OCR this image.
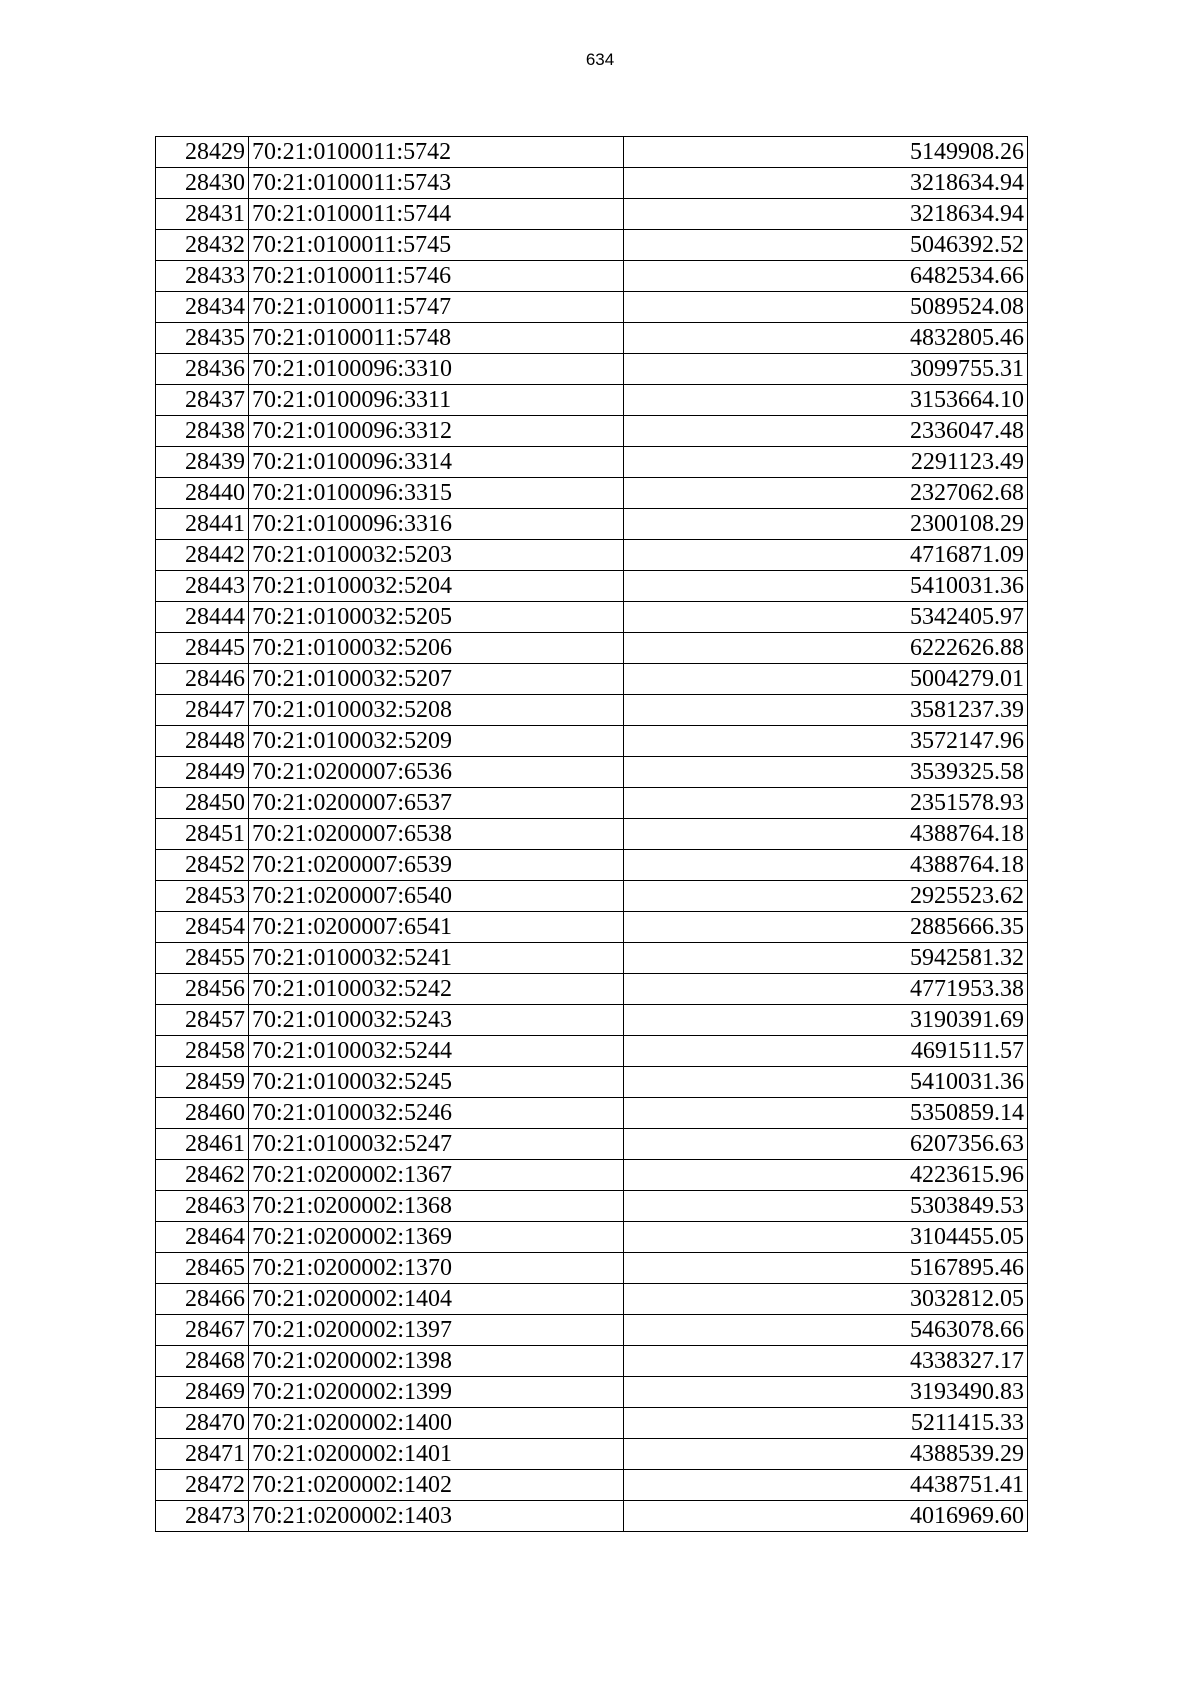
634
28429	70:21:0100011:5742	5149908.26
28430	70:21:0100011:5743	3218634.94
28431	70:21:0100011:5744	3218634.94
28432	70:21:0100011:5745	5046392.52
28433	70:21:0100011:5746	6482534.66
28434	70:21:0100011:5747	5089524.08
28435	70:21:0100011:5748	4832805.46
28436	70:21:0100096:3310	3099755.31
28437	70:21:0100096:3311	3153664.10
28438	70:21:0100096:3312	2336047.48
28439	70:21:0100096:3314	2291123.49
28440	70:21:0100096:3315	2327062.68
28441	70:21:0100096:3316	2300108.29
28442	70:21:0100032:5203	4716871.09
28443	70:21:0100032:5204	5410031.36
28444	70:21:0100032:5205	5342405.97
28445	70:21:0100032:5206	6222626.88
28446	70:21:0100032:5207	5004279.01
28447	70:21:0100032:5208	3581237.39
28448	70:21:0100032:5209	3572147.96
28449	70:21:0200007:6536	3539325.58
28450	70:21:0200007:6537	2351578.93
28451	70:21:0200007:6538	4388764.18
28452	70:21:0200007:6539	4388764.18
28453	70:21:0200007:6540	2925523.62
28454	70:21:0200007:6541	2885666.35
28455	70:21:0100032:5241	5942581.32
28456	70:21:0100032:5242	4771953.38
28457	70:21:0100032:5243	3190391.69
28458	70:21:0100032:5244	4691511.57
28459	70:21:0100032:5245	5410031.36
28460	70:21:0100032:5246	5350859.14
28461	70:21:0100032:5247	6207356.63
28462	70:21:0200002:1367	4223615.96
28463	70:21:0200002:1368	5303849.53
28464	70:21:0200002:1369	3104455.05
28465	70:21:0200002:1370	5167895.46
28466	70:21:0200002:1404	3032812.05
28467	70:21:0200002:1397	5463078.66
28468	70:21:0200002:1398	4338327.17
28469	70:21:0200002:1399	3193490.83
28470	70:21:0200002:1400	5211415.33
28471	70:21:0200002:1401	4388539.29
28472	70:21:0200002:1402	4438751.41
28473	70:21:0200002:1403	4016969.60
